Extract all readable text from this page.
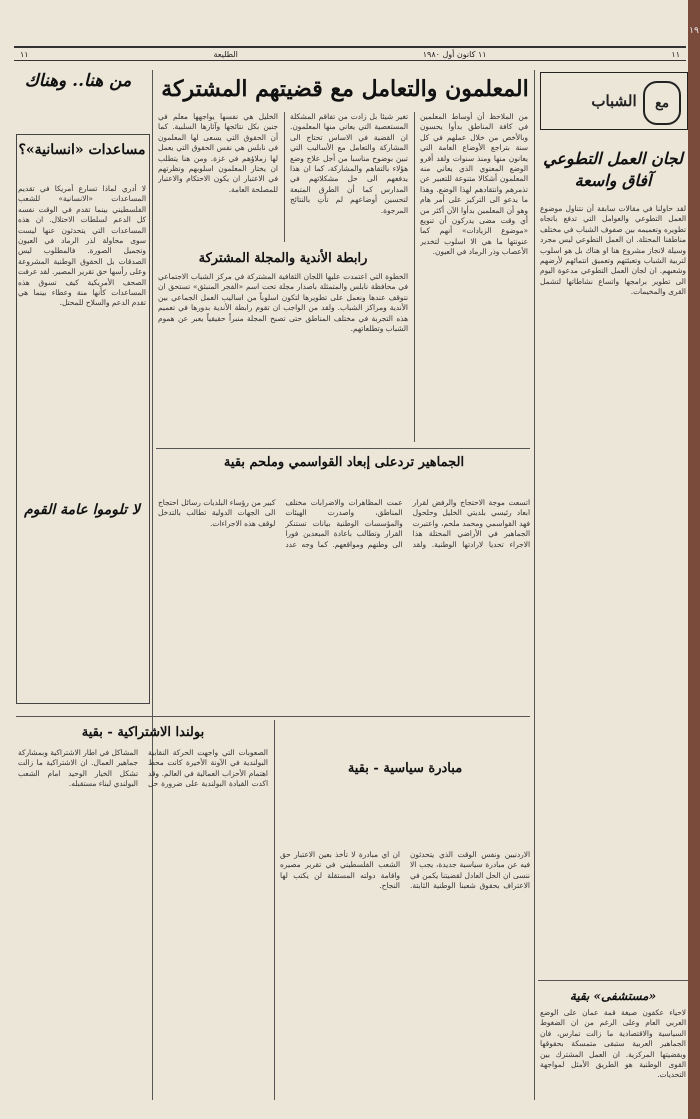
١٩
١١
١١ كانون أول ١٩٨٠
الطليعة
١١
من هنا.. وهناك	المعلمون والتعامل مع قضيتهم المشتركة
مع
الشباب
لجان العمل التطوعي آفاق واسعة
لقد حاولنا في مقالات سابقة أن نتناول موضوع العمل التطوعي والعوامل التي تدفع باتجاه تطويره وتعميمه بين صفوف الشباب في مختلف مناطقنا المحتلة. ان العمل التطوعي ليس مجرد وسيلة لانجاز مشروع هنا او هناك بل هو اسلوب لتربية الشباب وتعبئتهم وتعميق انتمائهم لأرضهم وشعبهم. ان لجان العمل التطوعي مدعوة اليوم الى تطوير برامجها واتساع نشاطاتها لتشمل القرى والمخيمات.
من الملاحظ أن أوساط المعلمين في كافة المناطق بدأوا يحسون وبالأخص من خلال عملهم في كل سنة بتراجع الأوضاع العامة التي يعانون منها ومنذ سنوات ولقد أقرو الوضع المعنوي الذي يعاني منه المعلمون أشكالا متنوعة للتعبير عن تذمرهم وانتقادهم لهذا الوضع. وهذا ما يدعو الى التركيز على أمر هام وهو أن المعلمين بدأوا الآن أكثر من أي وقت مضى يدركون أن تنويع «موضوع الزيادات» أنهم كما عنونتها ما هي الا اسلوب لتخدير الأعصاب وذر الرماد في العيون.
تغير شيئا بل زادت من تفاقم المشكلة المستعصية التي يعاني منها المعلمون. ان القضية في الاساس تحتاج الى المشاركة والتعامل مع الأساليب التي تبين بوضوح مناسبا من أجل علاج وضع هؤلاء بالتفاهم والمشاركة، كما ان هذا يدفعهم الى حل مشكلاتهم في المدارس كما أن الطرق المتبعة لتحسين أوضاعهم لم تأتِ بالنتائج المرجوة.
الخليل هي نفسها يواجهها معلم في جنين بكل نتائجها وآثارها السلبية. كما أن الحقوق التي يسعى لها المعلمون في نابلس هي نفس الحقوق التي يعمل لها زملاؤهم في غزة. ومن هنا يتطلب ان يختار المعلمون اسلوبهم ونظرتهم في الاعتبار ان يكون الاحتكام والاعتبار للمصلحة العامة.
رابطة الأندية والمجلة المشتركة
الخطوة التي اعتمدت عليها اللجان الثقافية المشتركة في مركز الشباب الاجتماعي في محافظة نابلس والمتمثلة باصدار مجلة تحت اسم «الفجر المنبثق» تستحق ان نتوقف عندها ونعمل على تطويرها لتكون اسلوباً من اساليب العمل الجماعي بين الأندية ومراكز الشباب. ولقد من الواجب ان تقوم رابطة الأندية بدورها في تعميم هذه التجربة في مختلف المناطق حتى تصبح المجلة منبراً حقيقياً يعبر عن هموم الشباب وتطلعاتهم.
مساعدات «انسانية»؟
لا أدري لماذا تسارع أمريكا في تقديم المساعدات «الانسانية» للشعب الفلسطيني بينما تقدم في الوقت نفسه كل الدعم لسلطات الاحتلال. ان هذه المساعدات التي يتحدثون عنها ليست سوى محاولة لذر الرماد في العيون وتجميل الصورة. فالمطلوب ليس الصدقات بل الحقوق الوطنية المشروعة وعلى رأسها حق تقرير المصير. لقد عرفت الصحف الأمريكية كيف تسوق هذه المساعدات كأنها منة وعطاء بينما هي تقدم الدعم والسلاح للمحتل.
لا تلوموا عامة القوم
الجماهير تردعلى إبعاد القواسمي وملحم بقية
اتسعت موجة الاحتجاج والرفض لقرار ابعاد رئيسي بلديتي الخليل وحلحول فهد القواسمي ومحمد ملحم، واعتبرت الجماهير في الأراضي المحتلة هذا الاجراء تحديا لارادتها الوطنية. ولقد عمت المظاهرات والاضرابات مختلف المناطق، واصدرت الهيئات والمؤسسات الوطنية بيانات تستنكر القرار وتطالب باعادة المبعدين فورا الى وطنهم ومواقعهم. كما وجه عدد كبير من رؤساء البلديات رسائل احتجاج الى الجهات الدولية تطالب بالتدخل لوقف هذه الاجراءات.
بولندا الاشتراكية - بقية
الصعوبات التي واجهت الحركة النقابية البولندية في الآونة الأخيرة كانت محط اهتمام الأحزاب العمالية في العالم. وقد اكدت القيادة البولندية على ضرورة حل المشاكل في اطار الاشتراكية وبمشاركة جماهير العمال. ان الاشتراكية ما زالت تشكل الخيار الوحيد امام الشعب البولندي لبناء مستقبله.
مبادرة سياسية - بقية
الاردنيين ونفس الوقت الذي يتحدثون فيه عن مبادرة سياسية جديدة، يجب الا ننسى ان الحل العادل لقضيتنا يكمن في الاعتراف بحقوق شعبنا الوطنية الثابتة. ان اي مبادرة لا تأخذ بعين الاعتبار حق الشعب الفلسطيني في تقرير مصيره واقامة دولته المستقلة لن يكتب لها النجاح.
«مستشفى» بقية
لاحياء عكفون صيغة قمة عمان على الوضع العربي العام وعلى الرغم من ان الضغوط السياسية والاقتصادية ما زالت تمارس، فان الجماهير العربية ستبقى متمسكة بحقوقها وبقضيتها المركزية. ان العمل المشترك بين القوى الوطنية هو الطريق الأمثل لمواجهة التحديات.
